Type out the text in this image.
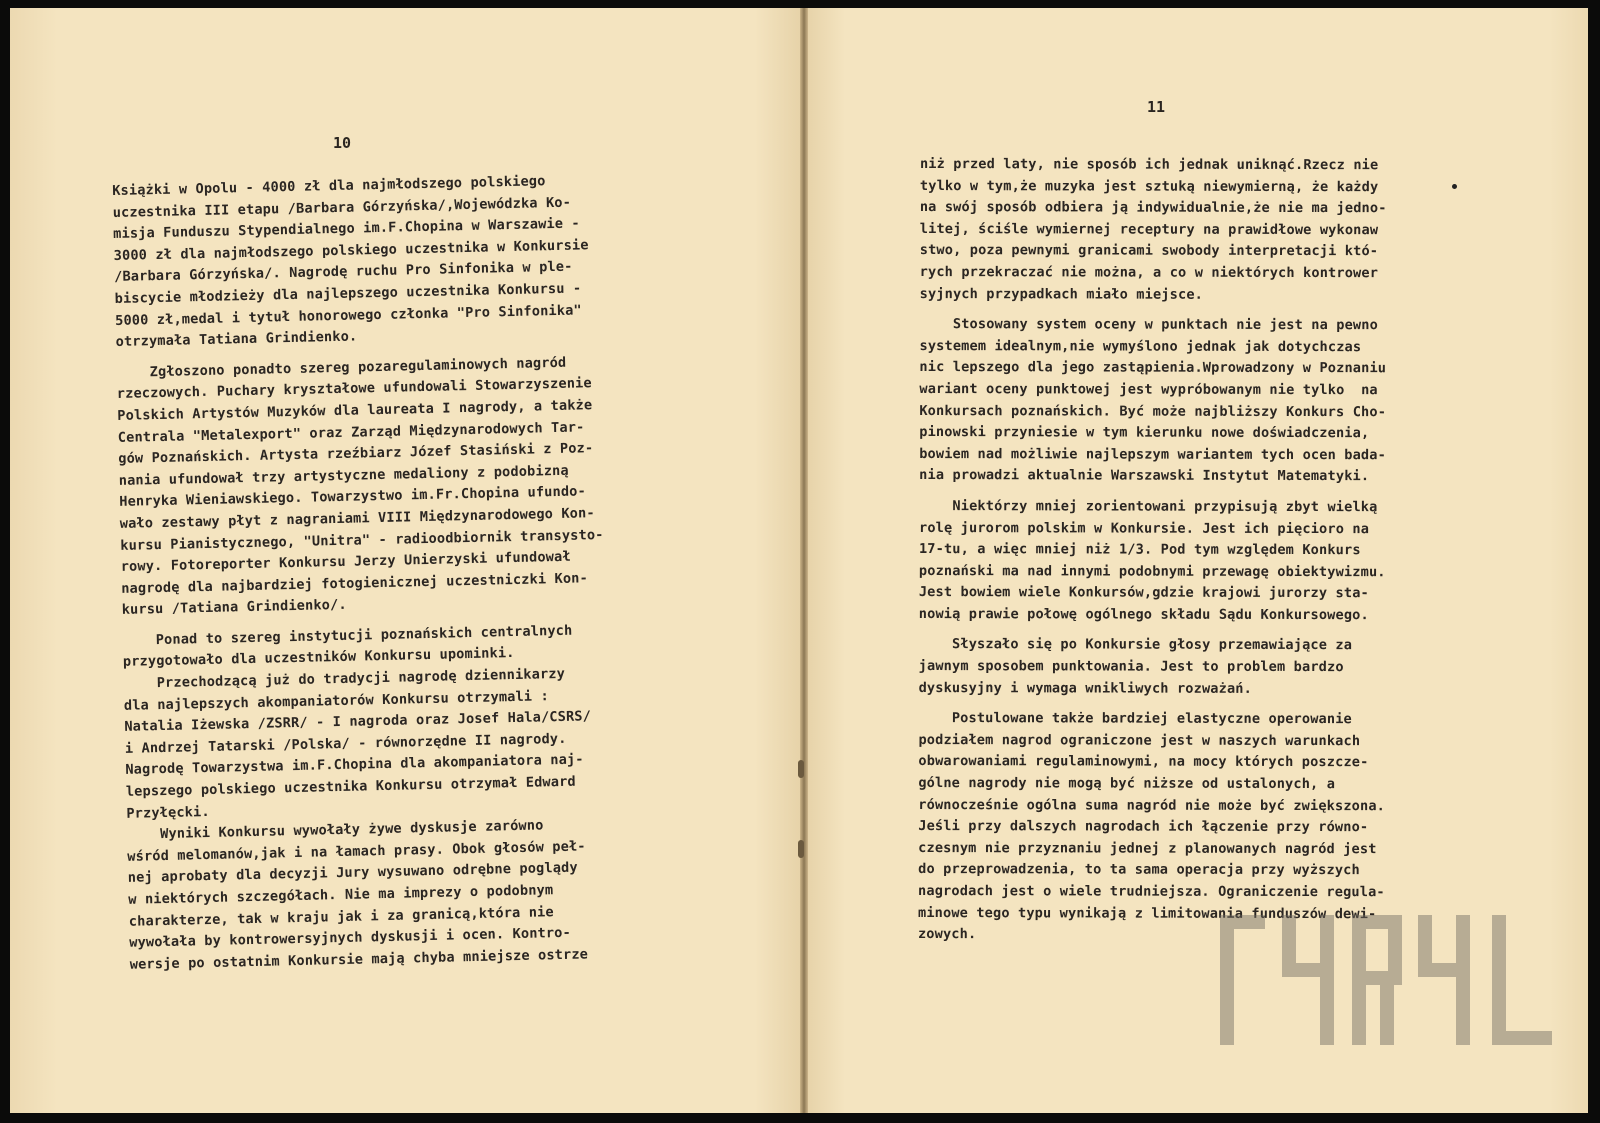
10
11
Książki w Opolu - 4000 zł dla najmłodszego polskiego
uczestnika III etapu /Barbara Górzyńska/,Wojewódzka Ko-
misja Funduszu Stypendialnego im.F.Chopina w Warszawie -
3000 zł dla najmłodszego polskiego uczestnika w Konkursie
/Barbara Górzyńska/. Nagrodę ruchu Pro Sinfonika w ple-
biscycie młodzieży dla najlepszego uczestnika Konkursu -
5000 zł,medal i tytuł honorowego członka "Pro Sinfonika"
otrzymała Tatiana Grindienko.
Zgłoszono ponadto szereg pozaregulaminowych nagród
rzeczowych. Puchary kryształowe ufundowali Stowarzyszenie
Polskich Artystów Muzyków dla laureata I nagrody, a także
Centrala "Metalexport" oraz Zarząd Międzynarodowych Tar-
gów Poznańskich. Artysta rzeźbiarz Józef Stasiński z Poz-
nania ufundował trzy artystyczne medaliony z podobizną
Henryka Wieniawskiego. Towarzystwo im.Fr.Chopina ufundo-
wało zestawy płyt z nagraniami VIII Międzynarodowego Kon-
kursu Pianistycznego, "Unitra" - radioodbiornik transysto-
rowy. Fotoreporter Konkursu Jerzy Unierzyski ufundował
nagrodę dla najbardziej fotogienicznej uczestniczki Kon-
kursu /Tatiana Grindienko/.
Ponad to szereg instytucji poznańskich centralnych
przygotowało dla uczestników Konkursu upominki.
Przechodzącą już do tradycji nagrodę dziennikarzy
dla najlepszych akompaniatorów Konkursu otrzymali :
Natalia Iżewska /ZSRR/ - I nagroda oraz Josef Hala/CSRS/
i Andrzej Tatarski /Polska/ - równorzędne II nagrody.
Nagrodę Towarzystwa im.F.Chopina dla akompaniatora naj-
lepszego polskiego uczestnika Konkursu otrzymał Edward
Przyłęcki.
Wyniki Konkursu wywołały żywe dyskusje zarówno
wśród melomanów,jak i na łamach prasy. Obok głosów peł-
nej aprobaty dla decyzji Jury wysuwano odrębne poglądy
w niektórych szczegółach. Nie ma imprezy o podobnym
charakterze, tak w kraju jak i za granicą,która nie
wywołała by kontrowersyjnych dyskusji i ocen. Kontro-
wersje po ostatnim Konkursie mają chyba mniejsze ostrze
niż przed laty, nie sposób ich jednak uniknąć.Rzecz nie
tylko w tym,że muzyka jest sztuką niewymierną, że każdy
na swój sposób odbiera ją indywidualnie,że nie ma jedno-
litej, ściśle wymiernej receptury na prawidłowe wykonaw
stwo, poza pewnymi granicami swobody interpretacji któ-
rych przekraczać nie można, a co w niektórych kontrower
syjnych przypadkach miało miejsce.
Stosowany system oceny w punktach nie jest na pewno
systemem idealnym,nie wymyślono jednak jak dotychczas
nic lepszego dla jego zastąpienia.Wprowadzony w Poznaniu
wariant oceny punktowej jest wypróbowanym nie tylko  na
Konkursach poznańskich. Być może najbliższy Konkurs Cho-
pinowski przyniesie w tym kierunku nowe doświadczenia,
bowiem nad możliwie najlepszym wariantem tych ocen bada-
nia prowadzi aktualnie Warszawski Instytut Matematyki.
Niektórzy mniej zorientowani przypisują zbyt wielką
rolę jurorom polskim w Konkursie. Jest ich pięcioro na
17-tu, a więc mniej niż 1/3. Pod tym względem Konkurs
poznański ma nad innymi podobnymi przewagę obiektywizmu.
Jest bowiem wiele Konkursów,gdzie krajowi jurorzy sta-
nowią prawie połowę ogólnego składu Sądu Konkursowego.
Słyszało się po Konkursie głosy przemawiające za
jawnym sposobem punktowania. Jest to problem bardzo
dyskusyjny i wymaga wnikliwych rozważań.
Postulowane także bardziej elastyczne operowanie
podziałem nagrod ograniczone jest w naszych warunkach
obwarowaniami regulaminowymi, na mocy których poszcze-
gólne nagrody nie mogą być niższe od ustalonych, a
równocześnie ogólna suma nagród nie może być zwiększona.
Jeśli przy dalszych nagrodach ich łączenie przy równo-
czesnym nie przyznaniu jednej z planowanych nagród jest
do przeprowadzenia, to ta sama operacja przy wyższych
nagrodach jest o wiele trudniejsza. Ograniczenie regula-
minowe tego typu wynikają z limitowania funduszów dewi-
zowych.
